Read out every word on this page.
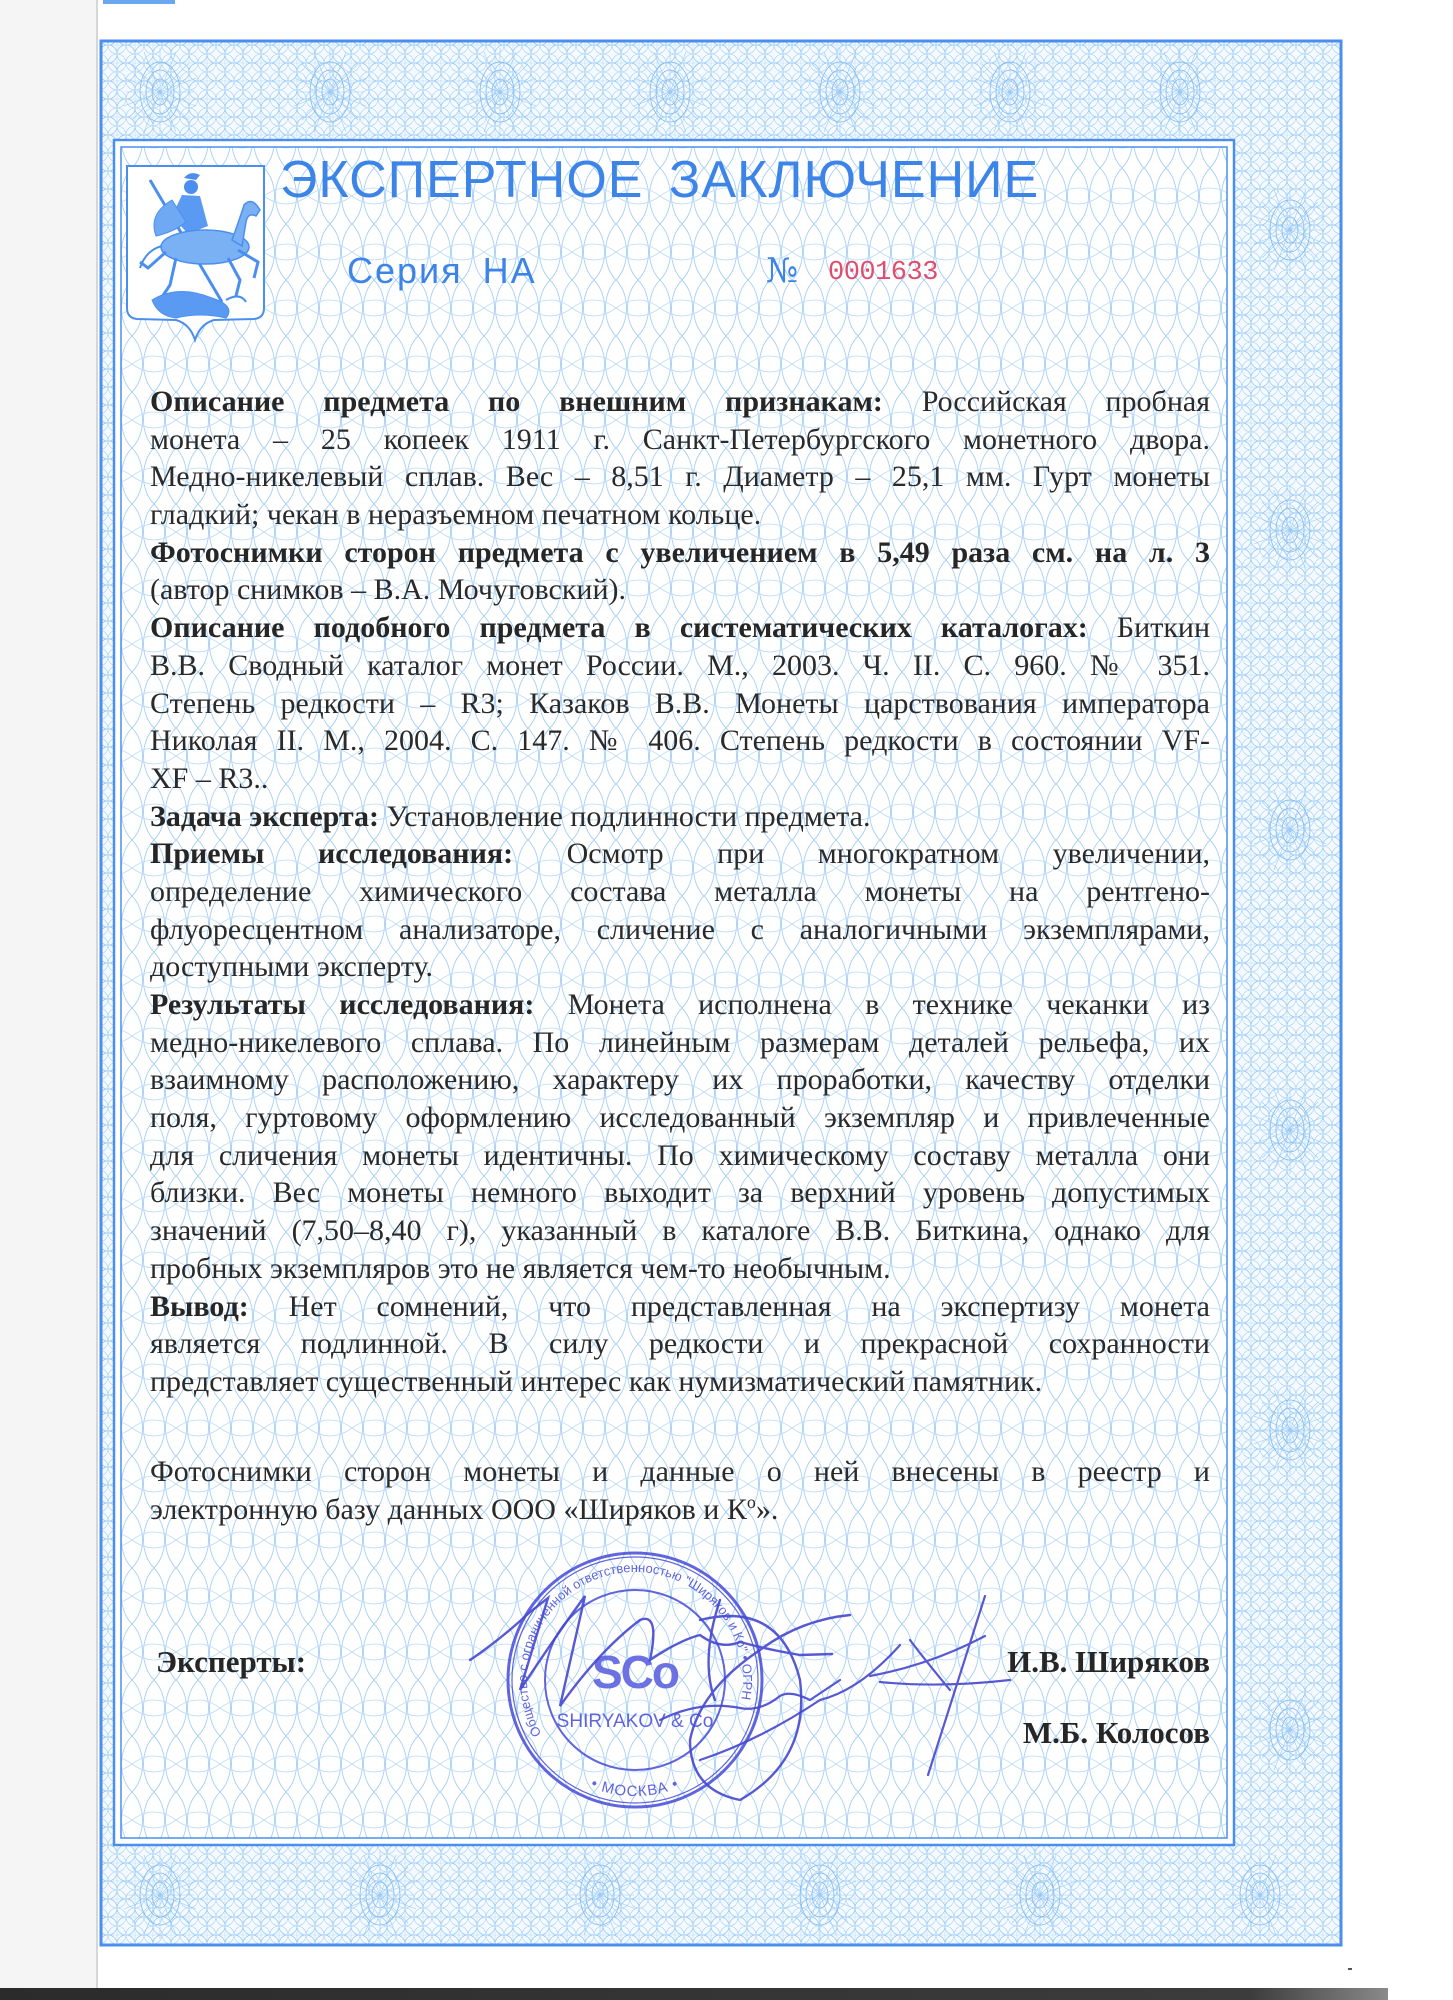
ЭКСПЕРТНОЕ ЗАКЛЮЧЕНИЕ
Серия НА	№ 0001633
Описание предмета по внешним признакам: Российская пробная
монета – 25 копеек 1911 г. Санкт-Петербургского монетного двора.
Медно-никелевый сплав. Вес – 8,51 г. Диаметр – 25,1 мм. Гурт монеты
гладкий; чекан в неразъемном печатном кольце.
Фотоснимки сторон предмета с увеличением в 5,49 раза см. на л. 3
(автор снимков – В.А. Мочуговский).
Описание подобного предмета в систематических каталогах: Биткин
В.В. Сводный каталог монет России. М., 2003. Ч. II. С. 960. № 351.
Степень редкости – R3; Казаков В.В. Монеты царствования императора
Николая II. М., 2004. С. 147. № 406. Степень редкости в состоянии VF-
XF – R3..
Задача эксперта: Установление подлинности предмета.
Приемы исследования: Осмотр при многократном увеличении,
определение химического состава металла монеты на рентгено-
флуоресцентном анализаторе, сличение с аналогичными экземплярами,
доступными эксперту.
Результаты исследования: Монета исполнена в технике чеканки из
медно-никелевого сплава. По линейным размерам деталей рельефа, их
взаимному расположению, характеру их проработки, качеству отделки
поля, гуртовому оформлению исследованный экземпляр и привлеченные
для сличения монеты идентичны. По химическому составу металла они
близки. Вес монеты немного выходит за верхний уровень допустимых
значений (7,50–8,40 г), указанный в каталоге В.В. Биткина, однако для
пробных экземпляров это не является чем-то необычным.
Вывод: Нет сомнений, что представленная на экспертизу монета
является подлинной. В силу редкости и прекрасной сохранности
представляет существенный интерес как нумизматический памятник.
Фотоснимки сторон монеты и данные о ней внесены в реестр и
электронную базу данных ООО «Ширяков и $К^о$».
Эксперты:	И.В. Ширяков
М.Б. Колосов
Общество с ограниченной ответственностью "Ширяков и Ко" • ОГРН
• МОСКВА •
SCo
SHIRYAKOV & Co
